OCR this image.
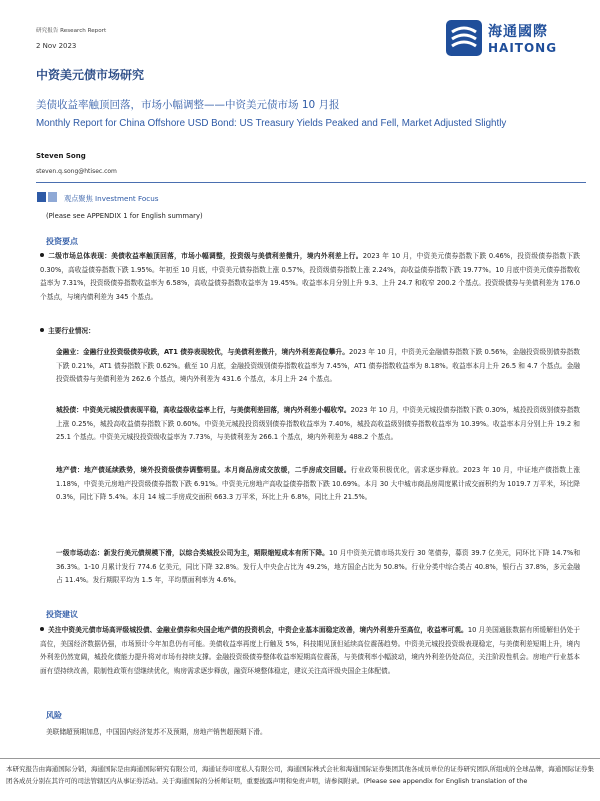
研究报告 Research Report
2 Nov 2023
海通國際
HAITONG
中资美元债市场研究
美债收益率触顶回落，市场小幅调整——中资美元债市场 10 月报
Monthly Report for China Offshore USD Bond: US Treasury Yields Peaked and Fell, Market Adjusted Slightly
Steven Song
steven.q.song@htisec.com
观点聚焦 Investment Focus
(Please see APPENDIX 1 for English summary)
投资要点
二级市场总体表现：美债收益率触顶回落，市场小幅调整，投资级与美债利差微升，境内外利差上行。2023 年 10 月，中资美元债券指数下跌 0.46%，投资级债券指数下跌 0.30%，高收益债券指数下跌 1.95%。年初至 10 月底，中资美元债券指数上涨 0.57%，投资级债券指数上涨 2.24%，高收益债券指数下跌 19.77%。10 月底中资美元债券指数收益率为 7.31%，投资级债券指数收益率为 6.58%，高收益债券指数收益率为 19.45%。收益率本月分别上升 9.3、上升 24.7 和收窄 200.2 个基点。投资级债券与美债利差为 176.0 个基点，与境内债利差为 345 个基点。
主要行业情况：
金融业：金融行业投资级债券收跌，AT1 债券表现较优，与美债利差微升，境内外利差高位攀升。2023 年 10 月，中资美元金融债券指数下跌 0.56%，金融投资级别债券指数下跌 0.21%，AT1 债券指数下跌 0.62%。截至 10 月底，金融投资级别债券指数收益率为 7.45%，AT1 债券指数收益率为 8.18%。收益率本月上升 26.5 和 4.7 个基点。金融投资级债券与美债利差为 262.6 个基点，境内外利差为 431.6 个基点，本月上升 24 个基点。
城投债：中资美元城投债表现平稳，高收益级收益率上行，与美债利差回落，境内外利差小幅收窄。2023 年 10 月，中资美元城投债券指数下跌 0.30%，城投投资级别债券指数上涨 0.25%，城投高收益债券指数下跌 0.60%。中资美元城投投资级别债券指数收益率为 7.40%，城投高收益级别债券指数收益率为 10.39%。收益率本月分别上升 19.2 和 25.1 个基点。中资美元城投投资级收益率为 7.73%，与美债利差为 266.1 个基点，境内外利差为 488.2 个基点。
地产债：地产债延续跌势，境外投资级债券调整明显。本月商品房成交放缓，二手房成交回暖。行业政策积极优化，需求逐步释放。2023 年 10 月，中证地产债指数上涨 1.18%，中资美元房地产投资级债券指数下跌 6.91%。中资美元房地产高收益债券指数下跌 10.69%。本月 30 大中城市商品房周度累计成交面积约为 1019.7 万平米，环比降 0.3%，同比下降 5.4%。本月 14 城二手房成交面积 663.3 万平米，环比上升 6.8%，同比上升 21.5%。
一级市场动态：新发行美元债规模下滑，以综合类城投公司为主，期限缩短成本有所下降。10 月中资美元债市场共发行 30 笔债券，募资 39.7 亿美元，同环比下降 14.7%和 36.3%。1-10 月累计发行 774.6 亿美元，同比下降 32.8%。发行人中央企占比为 49.2%，地方国企占比为 50.8%。行业分类中综合类占 40.8%，银行占 37.8%，多元金融占 11.4%。发行期限平均为 1.5 年，平均票面利率为 4.6%。
投资建议
关注中资美元债市场高评级城投债、金融业债券和央国企地产债的投资机会，中资企业基本面稳定改善，境内外利差升至高位，收益率可观。10 月美国通胀数据有所缓解但仍处于高位，美国经济数据仍强，市场预计今年加息仍有可能。美债收益率再度上行触及 5%，科技期见顶但延续高位震荡趋势。中资美元城投投资级表现稳定，与美债利差短期上升，境内外利差仍然宽阔，城投化债能力提升将对市场有持续支撑。金融投资级债券整体收益率短期高位震荡，与美债利率小幅波动，境内外利差仍处高位，关注阶段性机会。房地产行业基本面有望持续改善，限制性政策有望继续优化，购房需求逐步释放，融资环境整体稳定，建议关注高评级央国企主体配债。
风险
美联储超预期加息，中国国内经济复苏不及预期，房地产销售超预期下滑。
本研究报告由海通国际分销，海通国际是由海通国际研究有限公司，海通证券印度私人有限公司，海通国际株式会社和海通国际证券集团其他各成员单位的证券研究团队所组成的全球品牌，海通国际证券集团各成员分别在其许可的司法管辖区内从事证券活动。关于海通国际的分析师证明，重要披露声明和免责声明，请参阅附录。(Please see appendix for English translation of the
